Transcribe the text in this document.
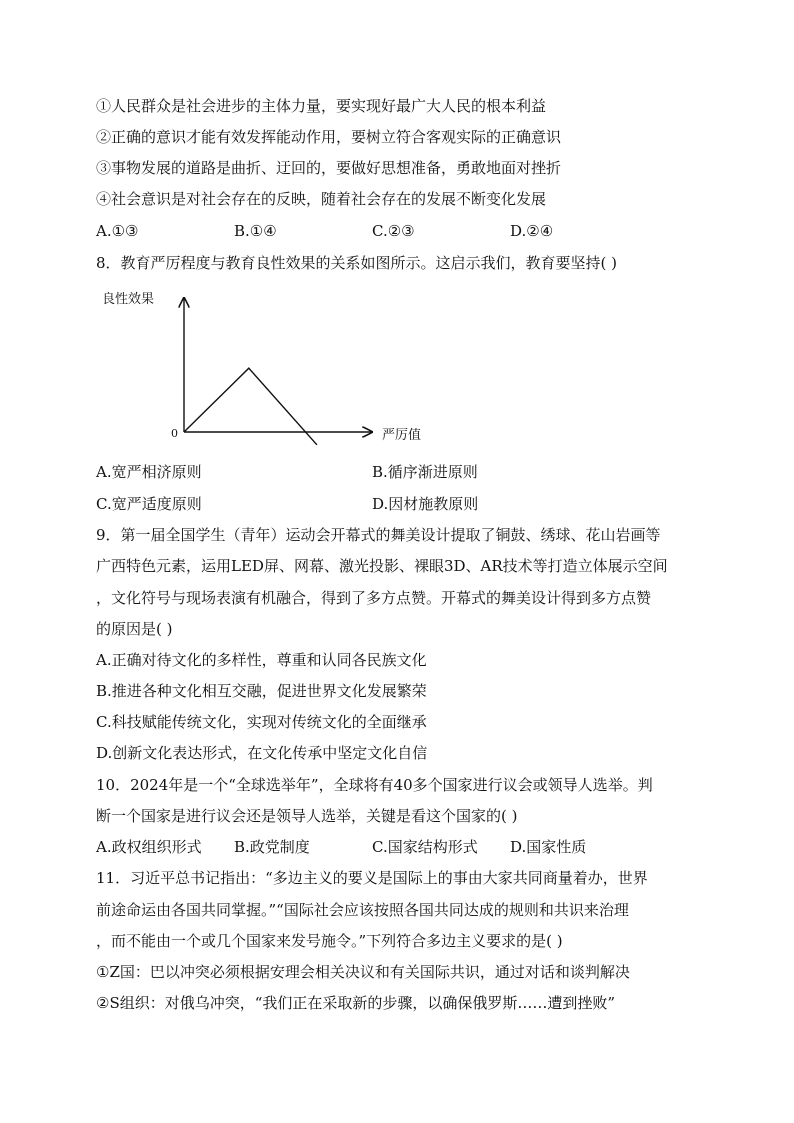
①人民群众是社会进步的主体力量，要实现好最广大人民的根本利益
②正确的意识才能有效发挥能动作用，要树立符合客观实际的正确意识
③事物发展的道路是曲折、迂回的，要做好思想准备，勇敢地面对挫折
④社会意识是对社会存在的反映，随着社会存在的发展不断变化发展
A.①③	B.①④	C.②③	D.②④
8．教育严厉程度与教育良性效果的关系如图所示。这启示我们，教育要坚持( )
良性效果
严厉值
0
A.宽严相济原则	B.循序渐进原则
C.宽严适度原则	D.因材施教原则
9．第一届全国学生（青年）运动会开幕式的舞美设计提取了铜鼓、绣球、花山岩画等
广西特色元素，运用LED屏、网幕、激光投影、裸眼3D、AR技术等打造立体展示空间
，文化符号与现场表演有机融合，得到了多方点赞。开幕式的舞美设计得到多方点赞
的原因是( )
A.正确对待文化的多样性，尊重和认同各民族文化
B.推进各种文化相互交融，促进世界文化发展繁荣
C.科技赋能传统文化，实现对传统文化的全面继承
D.创新文化表达形式，在文化传承中坚定文化自信
10．2024年是一个“全球选举年”，全球将有40多个国家进行议会或领导人选举。判
断一个国家是进行议会还是领导人选举，关键是看这个国家的( )
A.政权组织形式 B.政党制度	C.国家结构形式 D.国家性质
11．习近平总书记指出：“多边主义的要义是国际上的事由大家共同商量着办，世界
前途命运由各国共同掌握。”“国际社会应该按照各国共同达成的规则和共识来治理
，而不能由一个或几个国家来发号施令。”下列符合多边主义要求的是( )
①Z国：巴以冲突必须根据安理会相关决议和有关国际共识，通过对话和谈判解决
②S组织：对俄乌冲突，“我们正在采取新的步骤，以确保俄罗斯……遭到挫败”
